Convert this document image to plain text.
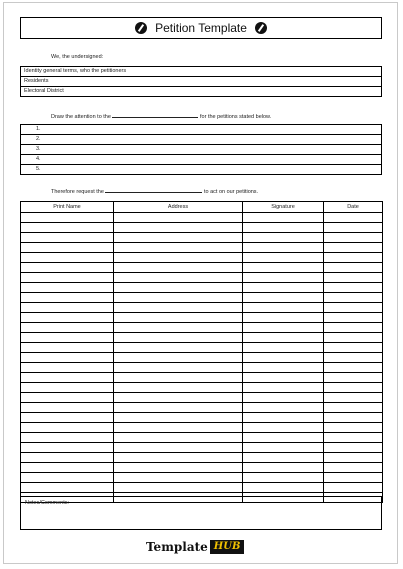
Petition Template
We, the undersigned:
Identity general terms, who the petitioners
Residents
Electoral District
Draw the attention to the	for the petitions stated below.
1.
2.
3.
4.
5.
Therefore request the	to act on our petitions.
Print Name	Address	Signature	Date

Notes/Comments:
Template HUB
